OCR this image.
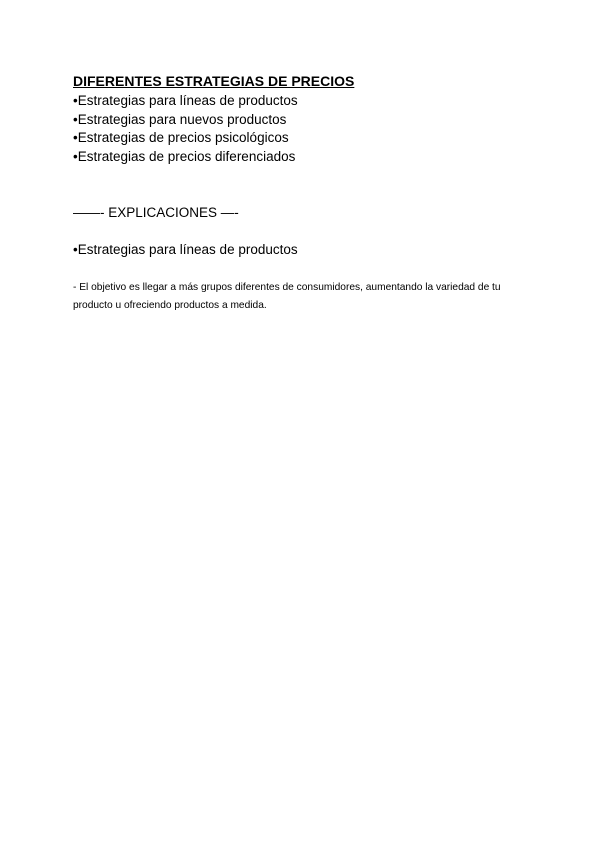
DIFERENTES ESTRATEGIAS DE PRECIOS
•Estrategias para líneas de productos
•Estrategias para nuevos productos
•Estrategias de precios psicológicos
•Estrategias de precios diferenciados
——- EXPLICACIONES —-
•Estrategias para líneas de productos

- El objetivo es llegar a más grupos diferentes de consumidores, aumentando la variedad de tu producto u ofreciendo productos a medida.
